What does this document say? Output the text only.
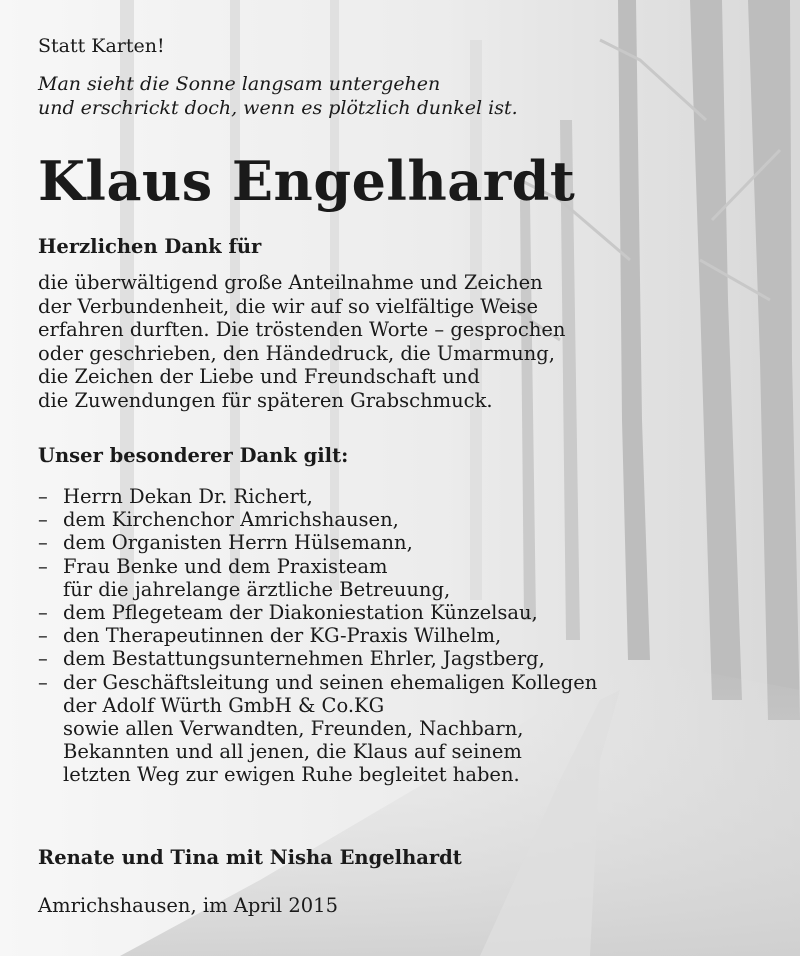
Statt Karten!

Man sieht die Sonne langsam untergehen

und erschrickt doch, wenn es plötzlich dunkel ist.

Klaus Engelhardt

Herzlichen Dank für

die überwältigend große Anteilnahme und Zeichen

der Verbundenheit, die wir auf so vielfältige Weise

erfahren durften. Die tröstenden Worte – gesprochen

oder geschrieben, den Händedruck, die Umarmung,

die Zeichen der Liebe und Freundschaft und

die Zuwendungen für späteren Grabschmuck.

Unser besonderer Dank gilt:

– Herrn Dekan Dr. Richert,
– dem Kirchenchor Amrichshausen,
– dem Organisten Herrn Hülsemann,
– Frau Benke und dem Praxisteam
für die jahrelange ärztliche Betreuung,
– dem Pflegeteam der Diakoniestation Künzelsau,
– den Therapeutinnen der KG-Praxis Wilhelm,
– dem Bestattungsunternehmen Ehrler, Jagstberg,
– der Geschäftsleitung und seinen ehemaligen Kollegen
der Adolf Würth GmbH & Co.KG
sowie allen Verwandten, Freunden, Nachbarn,
Bekannten und all jenen, die Klaus auf seinem
letzten Weg zur ewigen Ruhe begleitet haben.

Renate und Tina mit Nisha Engelhardt

Amrichshausen, im April 2015
